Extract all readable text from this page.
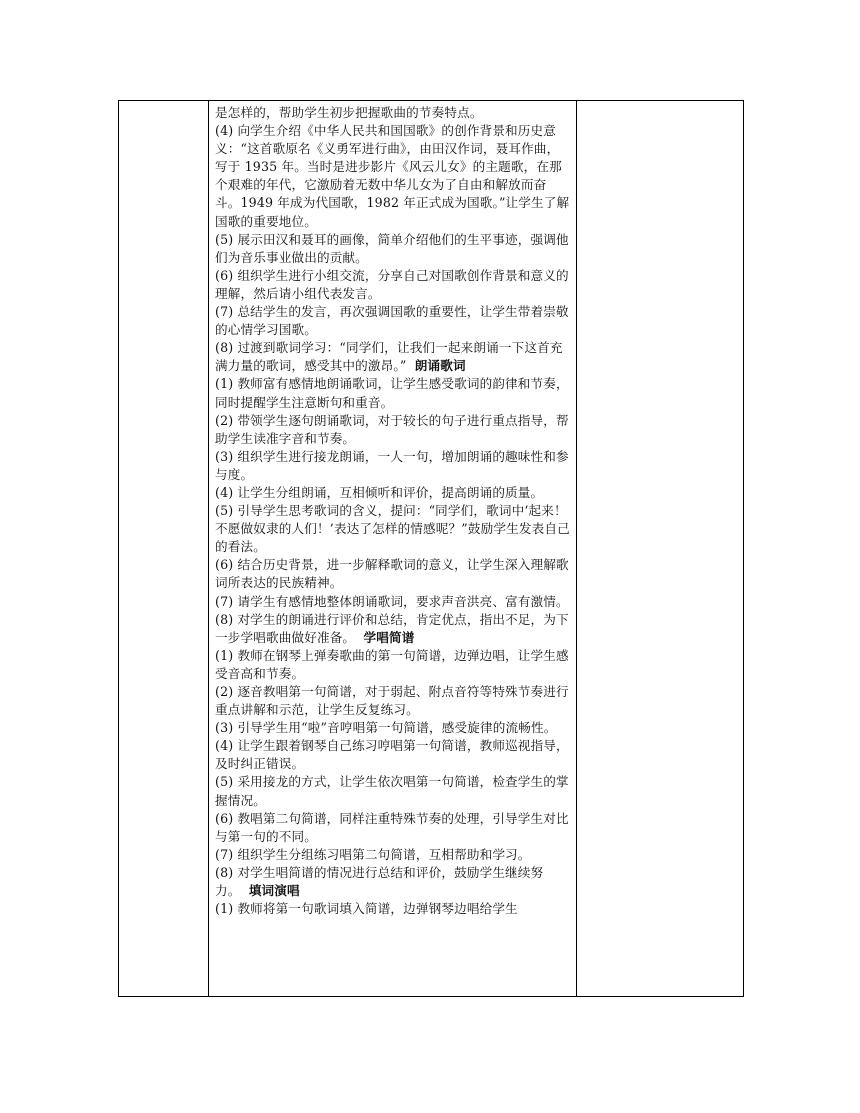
是怎样的，帮助学生初步把握歌曲的节奏特点。

(4) 向学生介绍《中华人民共和国国歌》的创作背景和历史意义：“这首歌原名《义勇军进行曲》，由田汉作词，聂耳作曲，写于 1935 年。当时是进步影片《风云儿女》的主题歌，在那个艰难的年代，它激励着无数中华儿女为了自由和解放而奋斗。1949 年成为代国歌，1982 年正式成为国歌。”让学生了解国歌的重要地位。

(5) 展示田汉和聂耳的画像，简单介绍他们的生平事迹，强调他们为音乐事业做出的贡献。

(6) 组织学生进行小组交流，分享自己对国歌创作背景和意义的理解，然后请小组代表发言。

(7) 总结学生的发言，再次强调国歌的重要性，让学生带着崇敬的心情学习国歌。

(8) 过渡到歌词学习：“同学们，让我们一起来朗诵一下这首充满力量的歌词，感受其中的激昂。” 朗诵歌词

(1) 教师富有感情地朗诵歌词，让学生感受歌词的韵律和节奏，同时提醒学生注意断句和重音。

(2) 带领学生逐句朗诵歌词，对于较长的句子进行重点指导，帮助学生读准字音和节奏。

(3) 组织学生进行接龙朗诵，一人一句，增加朗诵的趣味性和参与度。

(4) 让学生分组朗诵，互相倾听和评价，提高朗诵的质量。

(5) 引导学生思考歌词的含义，提问：“同学们，歌词中‘起来！不愿做奴隶的人们！’表达了怎样的情感呢？”鼓励学生发表自己的看法。

(6) 结合历史背景，进一步解释歌词的意义，让学生深入理解歌词所表达的民族精神。

(7) 请学生有感情地整体朗诵歌词，要求声音洪亮、富有激情。

(8) 对学生的朗诵进行评价和总结，肯定优点，指出不足，为下一步学唱歌曲做好准备。 学唱简谱

(1) 教师在钢琴上弹奏歌曲的第一句简谱，边弹边唱，让学生感受音高和节奏。

(2) 逐音教唱第一句简谱，对于弱起、附点音符等特殊节奏进行重点讲解和示范，让学生反复练习。

(3) 引导学生用“啦”音哼唱第一句简谱，感受旋律的流畅性。

(4) 让学生跟着钢琴自己练习哼唱第一句简谱，教师巡视指导，及时纠正错误。

(5) 采用接龙的方式，让学生依次唱第一句简谱，检查学生的掌握情况。

(6) 教唱第二句简谱，同样注重特殊节奏的处理，引导学生对比与第一句的不同。

(7) 组织学生分组练习唱第二句简谱，互相帮助和学习。

(8) 对学生唱简谱的情况进行总结和评价，鼓励学生继续努力。 填词演唱

(1) 教师将第一句歌词填入简谱，边弹钢琴边唱给学生
